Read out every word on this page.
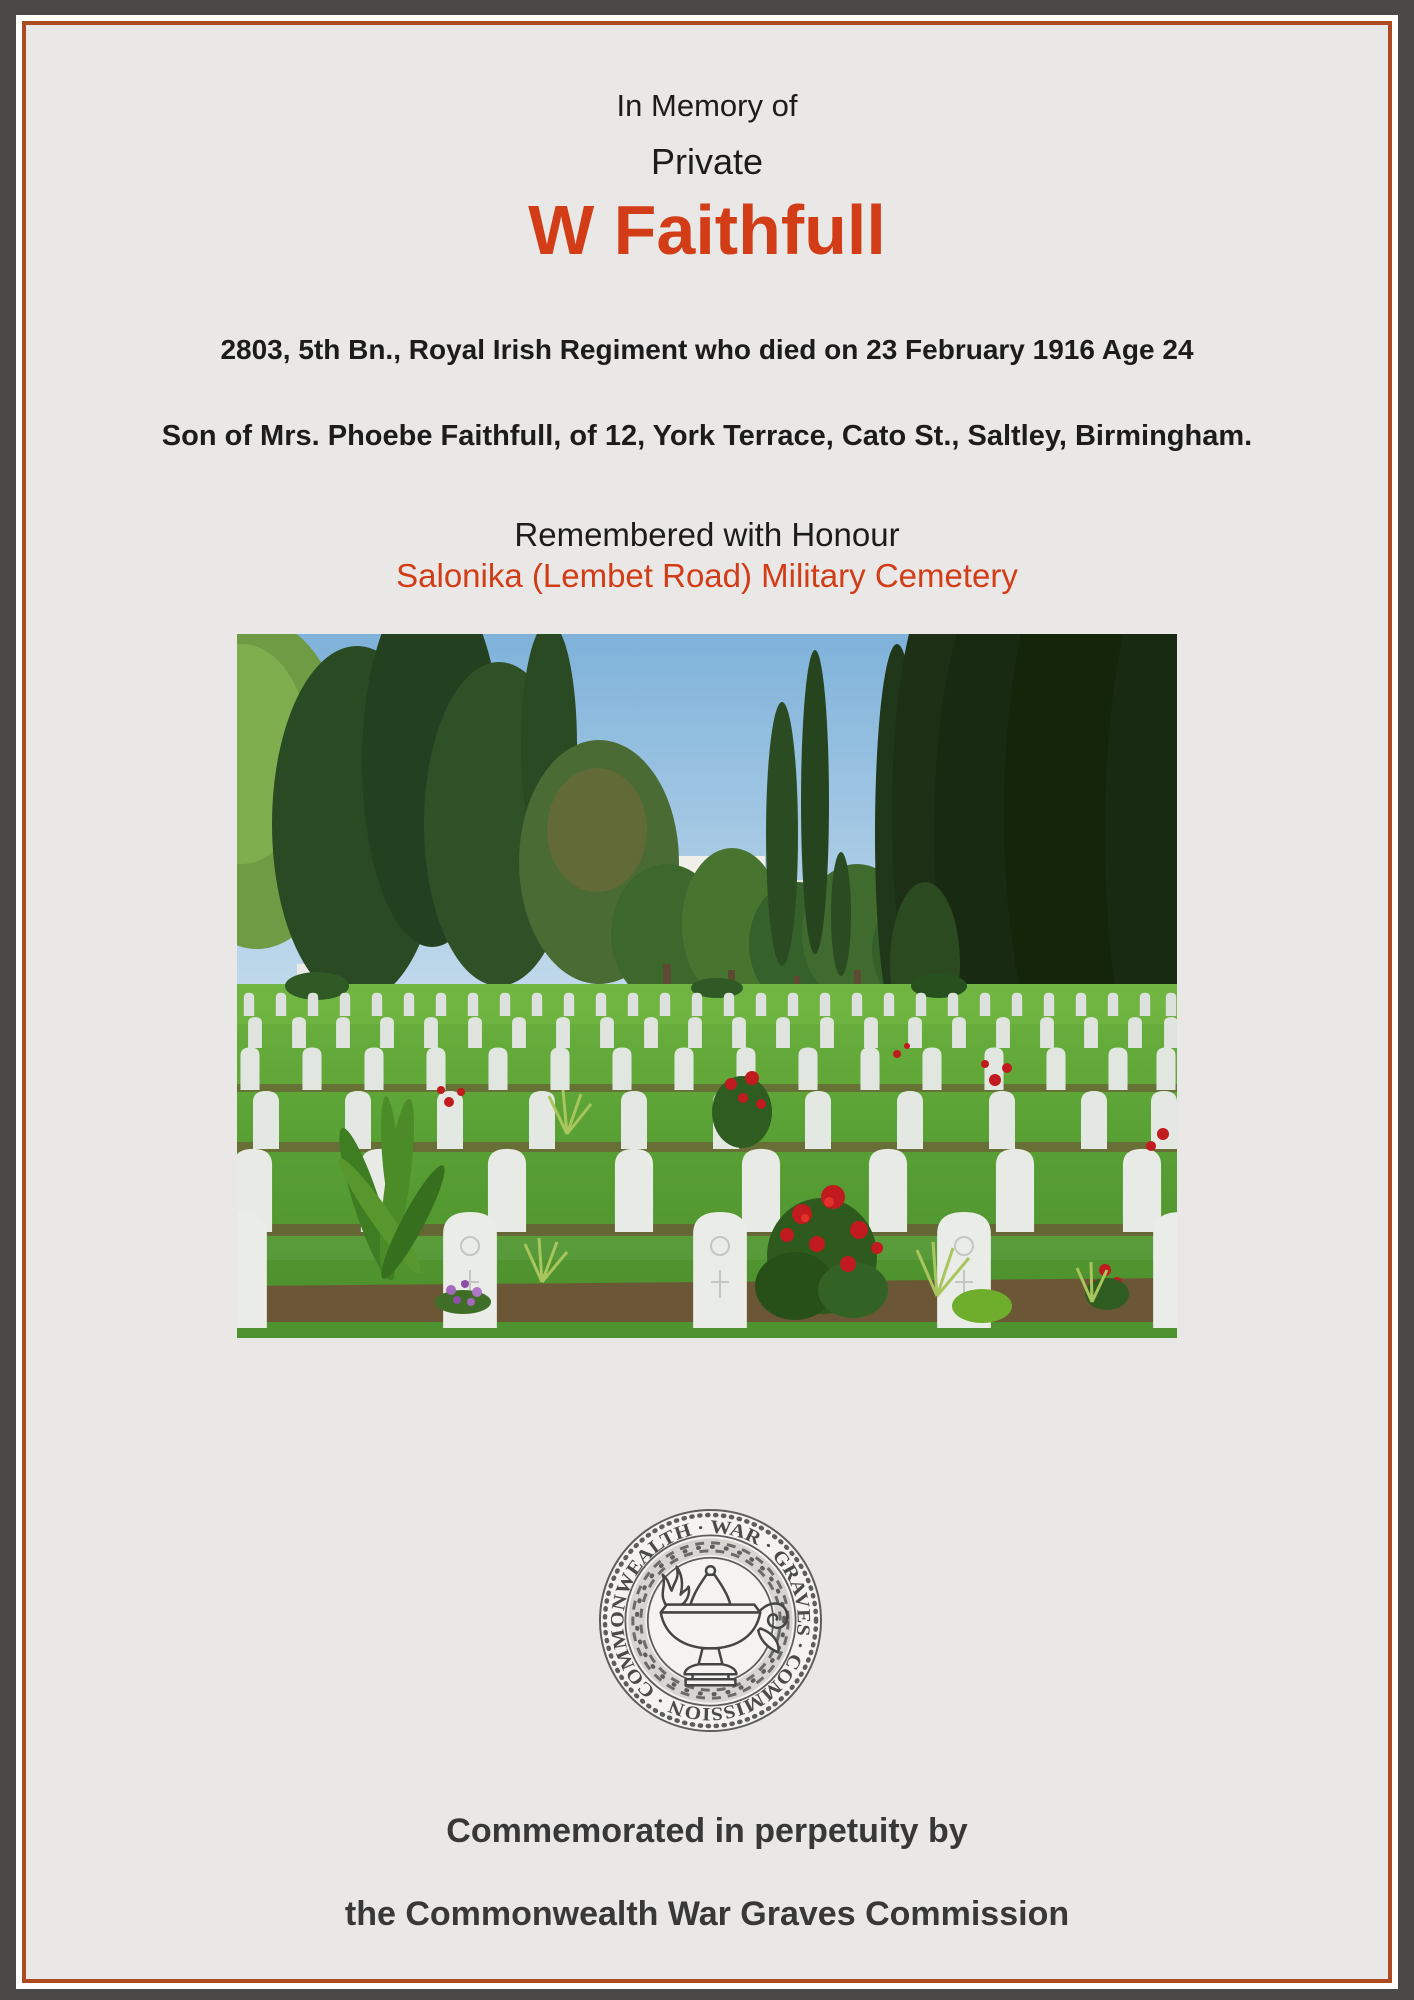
In Memory of
Private
W Faithfull
2803, 5th Bn., Royal Irish Regiment who died on 23 February 1916 Age 24
Son of Mrs. Phoebe Faithfull, of 12, York Terrace, Cato St., Saltley, Birmingham.
Remembered with Honour
Salonika (Lembet Road) Military Cemetery
COMMONWEALTH · WAR · GRAVES · COMMISSION ·
Commemorated in perpetuity by
the Commonwealth War Graves Commission
